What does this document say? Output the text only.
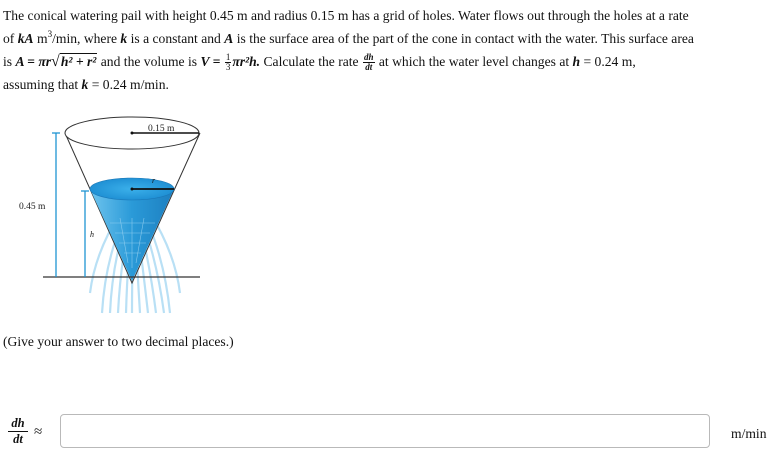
The conical watering pail with height 0.45 m and radius 0.15 m has a grid of holes. Water flows out through the holes at a rate
of kA $m^3/\min$, where k is a constant and A is the surface area of the part of the cone in contact with the water. This surface area
is A = πr√h² + r² and the volume is $V = \frac{1}{3} \pi r^2h$. Calculate the rate $\frac{dh}{dt}$ at which the water level changes at h = 0.24 m,
assuming that k = 0.24 m/min.
r
0.15 m
0.45 m
h

(Give your answer to two decimal places.)

$\frac{dh}{dt}$ ≈	m/min
